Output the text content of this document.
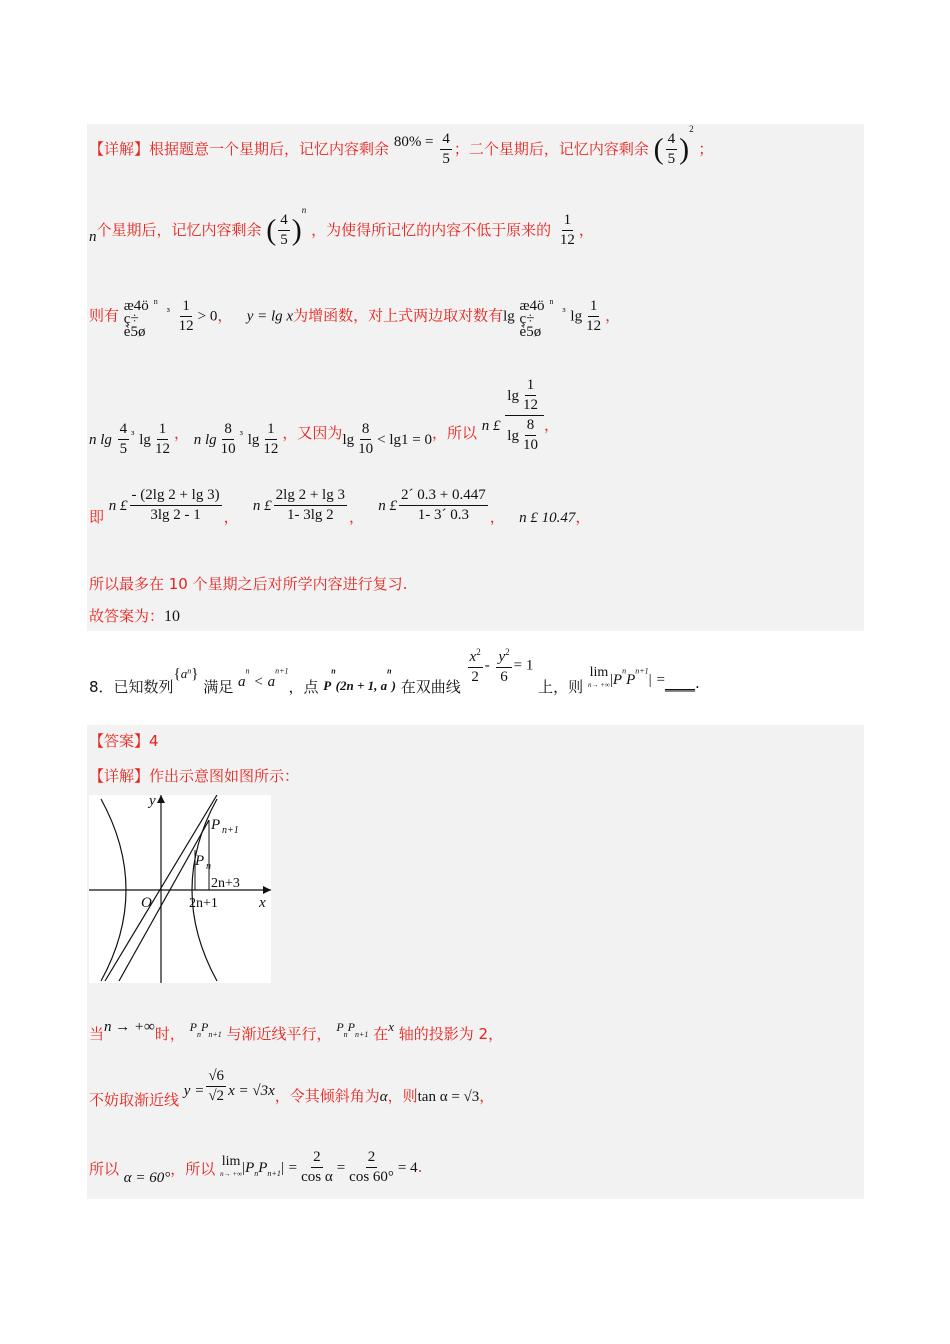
【详解】根据题意一个星期后，记忆内容剩余 $80\% = \frac{4}{5}$ ；二个星期后，记忆内容剩余 ( $\frac{4}{5} )^2$ ；
n个星期后，记忆内容剩余 ( $\frac{4}{5} )^n$ ，为使得所记忆的内容不低于原来的 $\frac{1}{12}$ ，
则有
æ4ö
ç÷
è5ø
n
$^{^3} \frac{1}{12} > 0$， y = lg x为增函数，对上式两边取对数有lg
æ4ö
ç÷
è5ø
n
$^{^3}$ $\lg \frac{1}{12}$ ，
n $\lg \frac{4}{5} _{^3}$ $\lg \frac{1}{12}$ ， n $\lg \frac{8}{10} _{^3}$ $\lg \frac{1}{12}$ ，又因为$\lg \frac{8}{10} < \lg 1 = 0$，所以 n £ $\frac{\lg \frac{1}{12}}{\lg \frac{8}{10}}$ ，
即 n £ $\frac{- (2\lg 2 + \lg 3)}{3\lg 2 - 1}$ ，   n £ $\frac{2\lg 2 + \lg 3}{1- 3\lg 2}$ ，   n £ $\frac{2´ 0.3 + 0.447}{1- 3´ 0.3}$ ， n £ 10.47，
所以最多在 10 个星期之后对所学内容进行复习.
故答案为：10
8．已知数列$\{a_n\}$ 满足 $a_n < a_{n+1}$，点 $P_n(2n + 1$, $a_n$) 在双曲线 $\frac{x^2}{2} - \frac{y^2}{6} = 1$ 上，则
lim
n→ +∞ $|P_nP_{n+1}|$ =____.
【答案】4
【详解】作出示意图如图所示：
y
x
O
P n+1
P n
2n+3
2n+1
当n → +∞时， $P_nP_{n+1}$ 与渐近线平行， $P_nP_{n+1}$ 在x 轴的投影为 2，
不妨取渐近线 $y = \frac{√6}{√2}$ x = √3x，令其倾斜角为α，则tan α = √3，
所以 α = 60°，所以 lim
n→ +∞ $|P_nP_{n+1}| = \frac{2}{\text{cos α}} = \frac{2}{\cos 60^\circ} = 4$.
